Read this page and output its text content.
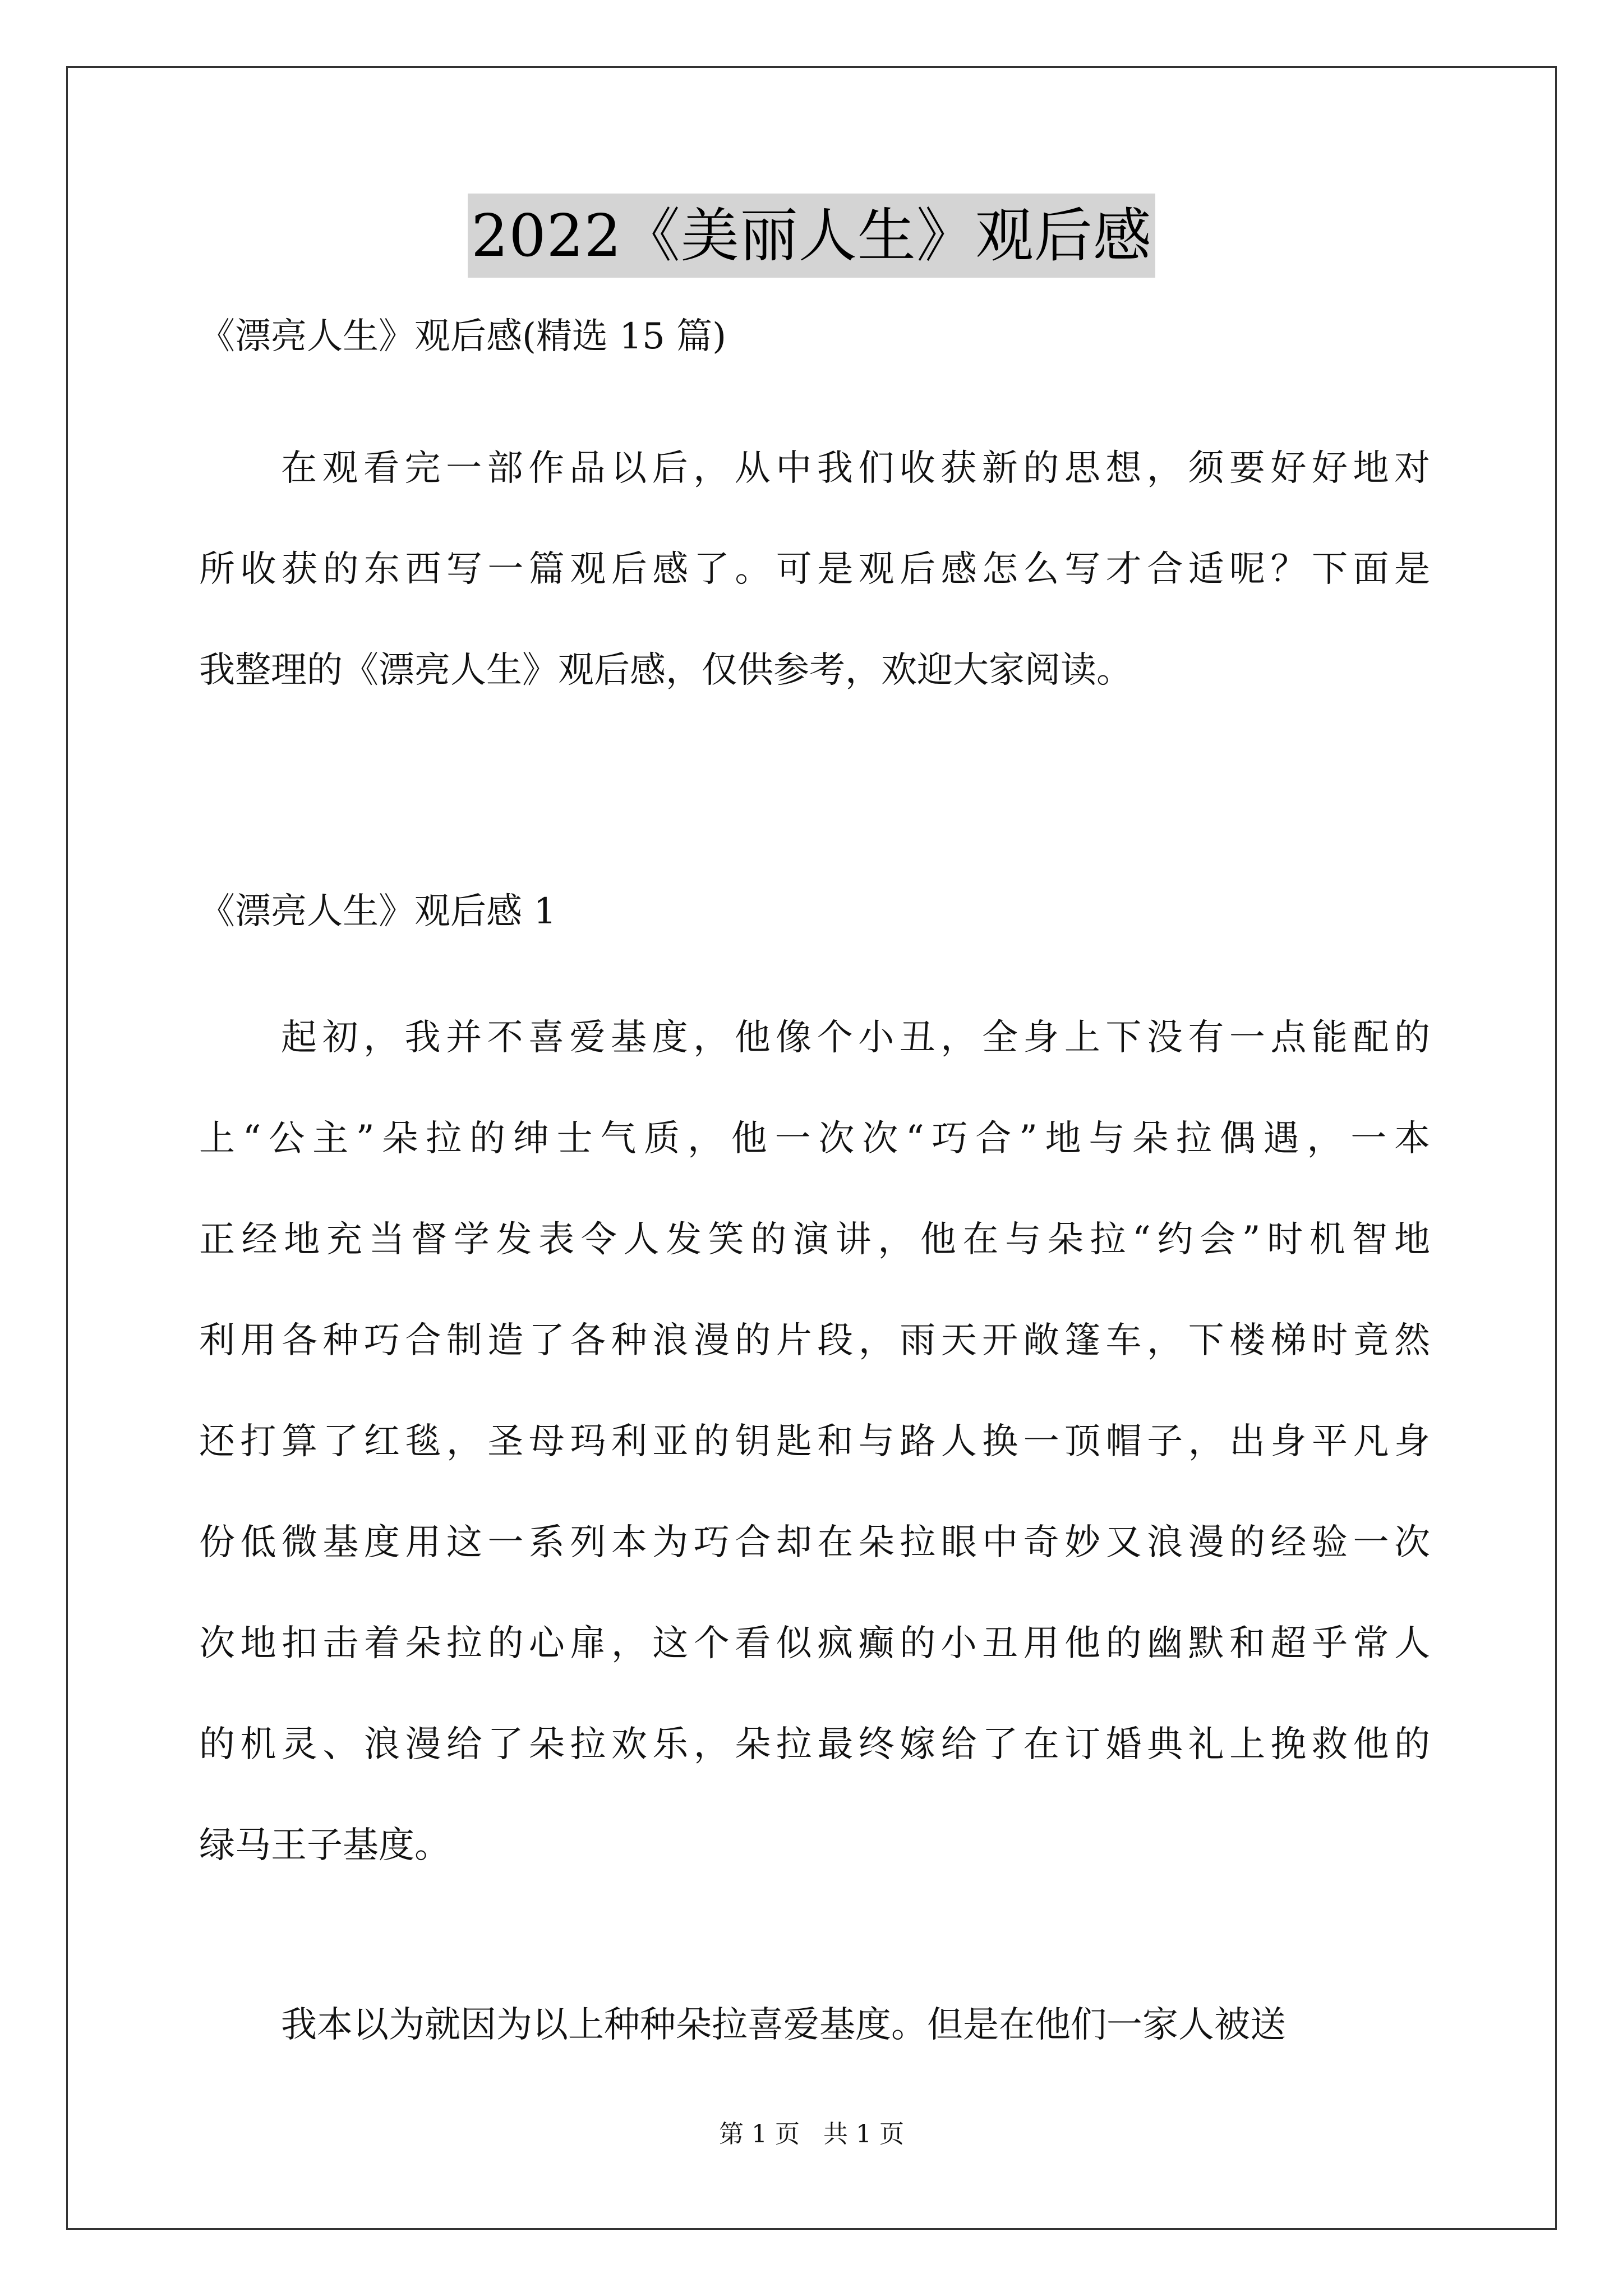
2022《美丽人生》观后感
《漂亮人生》观后感(精选 15 篇)
在观看完一部作品以后，从中我们收获新的思想，须要好好地对
所收获的东西写一篇观后感了。可是观后感怎么写才合适呢？下面是
我整理的《漂亮人生》观后感，仅供参考，欢迎大家阅读。
《漂亮人生》观后感 1
起初，我并不喜爱基度，他像个小丑，全身上下没有一点能配的
上“公主”朵拉的绅士气质，他一次次“巧合”地与朵拉偶遇，一本
正经地充当督学发表令人发笑的演讲，他在与朵拉“约会”时机智地
利用各种巧合制造了各种浪漫的片段，雨天开敞篷车，下楼梯时竟然
还打算了红毯，圣母玛利亚的钥匙和与路人换一顶帽子，出身平凡身
份低微基度用这一系列本为巧合却在朵拉眼中奇妙又浪漫的经验一次
次地扣击着朵拉的心扉，这个看似疯癫的小丑用他的幽默和超乎常人
的机灵、浪漫给了朵拉欢乐，朵拉最终嫁给了在订婚典礼上挽救他的
绿马王子基度。
我本以为就因为以上种种朵拉喜爱基度。但是在他们一家人被送
第 1 页 共 1 页
